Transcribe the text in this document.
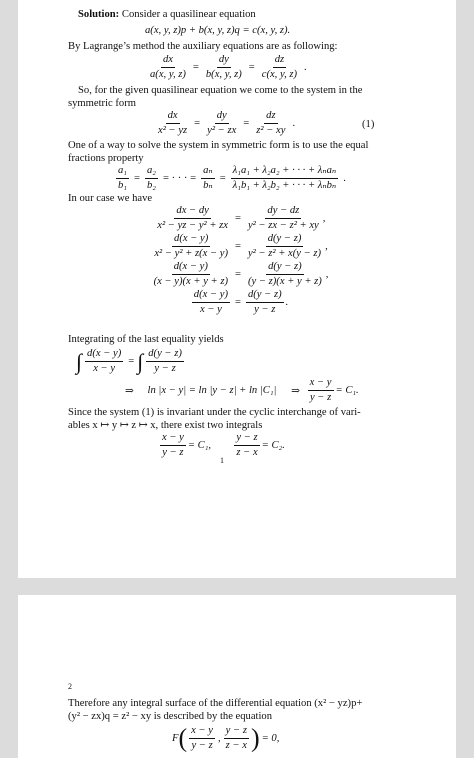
Solution: Consider a quasilinear equation
a(x, y, z)p + b(x, y, z)q = c(x, y, z).
By Lagrange’s method the auxiliary equations are as following:
$\frac{dx}{a(x, y, z)} = \frac{dy}{b(x, y, z)} = \frac{dz}{c(x, y, z)}$ .
So, for the given quasilinear equation we come to the system in the
symmetric form
$\frac{dx}{\text{x² − yz}} = \frac{dy}{\text{y² − zx}} = \frac{dz}{\text{z² − xy}}$ .	(1)
One of a way to solve the system in symmetric form is to use the equal
fractions property
$\frac{\text{a₁}}{\text{b₁}} = \frac{\text{a₂}}{\text{b₂}}$ = · · · = $\frac{\text{aₙ}}{\text{bₙ}} = \frac{\text{λ₁a₁ + λ₂a₂ + · · · + λₙaₙ}}{\text{λ₁b₁ + λ₂b₂ + · · · + λₙbₙ}}$ .
In our case we have
$\frac{dx - dy}{\text{x² − yz − y² + zx}} = \frac{dy - dz}{\text{y² − zx − z² + xy}}$ ,
$\frac{d(x - y)}{\text{x² − y² + z(x − y)}} = \frac{d(y - z)}{\text{y² − z² + x(y − z)}}$ ,
$\frac{d(x - y)}{(x - y)(x + y + z)} = \frac{d(y - z)}{(y - z)(x + y + z)}$ ,
$\frac{d(x - y)}{x - y} = \frac{d(y - z)}{y - z}$ .
Integrating of the last equality yields
∫ $\frac{d(x - y)}{x - y}$ = ∫ $\frac{d(y - z)}{y - z}$
⇒ ln |x − y| = ln |y − z| + ln |C₁| ⇒ $\frac{x - y}{y - z} = C_1$.
Since the system (1) is invariant under the cyclic interchange of vari-
ables x ↦ y ↦ z ↦ x, there exist two integrals
$\frac{x - y}{y - z} = C_1$, $\frac{y - z}{z - x} = C_2$.
1
2
Therefore any integral surface of the differential equation (x² − yz)p+
(y² − zx)q = z² − xy is described by the equation
$F( \frac{x - y}{y - z}$ , $\frac{y - z}{z - x}$ ) = 0,
